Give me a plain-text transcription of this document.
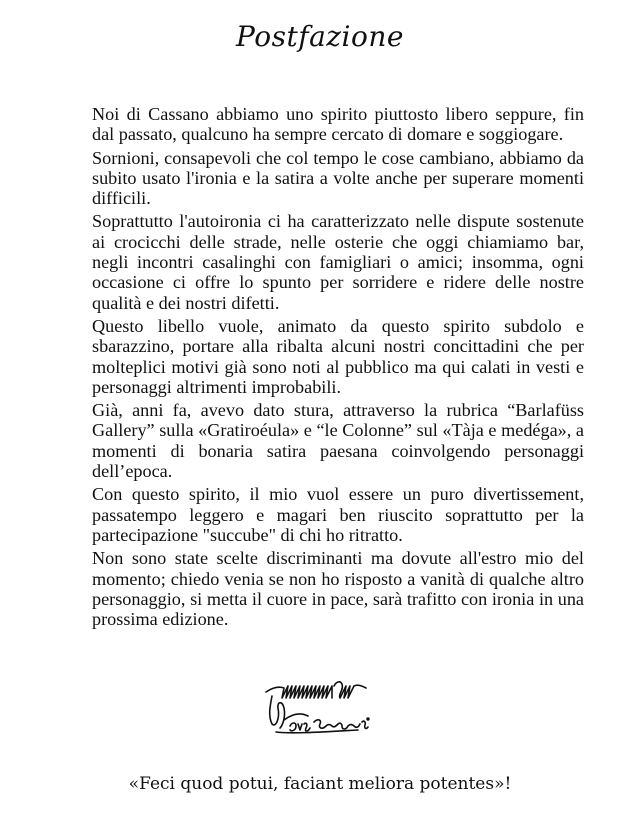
Postfazione

Noi di Cassano abbiamo uno spirito piuttosto libero seppure, fin dal passato, qualcuno ha sempre cercato di domare e soggiogare.

Sornioni, consapevoli che col tempo le cose cambiano, abbiamo da subito usato l'ironia e la satira a volte anche per superare momenti difficili.

Soprattutto l'autoironia ci ha caratterizzato nelle dispute sostenute ai crocicchi delle strade, nelle osterie che oggi chiamiamo bar, negli incontri casalinghi con famigliari o amici; insomma, ogni occasione ci offre lo spunto per sorridere e ridere delle nostre qualità e dei nostri difetti.

Questo libello vuole, animato da questo spirito subdolo e sbarazzino, portare alla ribalta alcuni nostri concittadini che per molteplici motivi già sono noti al pubblico ma qui calati in vesti e personaggi altrimenti improbabili.

Già, anni fa, avevo dato stura, attraverso la rubrica “Barlafüss Gallery” sulla «Gratiroéula» e “le Colonne” sul «Tàja e medéga», a momenti di bonaria satira paesana coinvolgendo personaggi dell’epoca.

Con questo spirito, il mio vuol essere un puro divertissement, passatempo leggero e magari ben riuscito soprattutto per la partecipazione "succube" di chi ho ritratto.

Non sono state scelte discriminanti ma dovute all'estro mio del momento; chiedo venia se non ho risposto a vanità di qualche altro personaggio, si metta il cuore in pace, sarà trafitto con ironia in una prossima edizione.

«Feci quod potui, faciant meliora potentes»!
